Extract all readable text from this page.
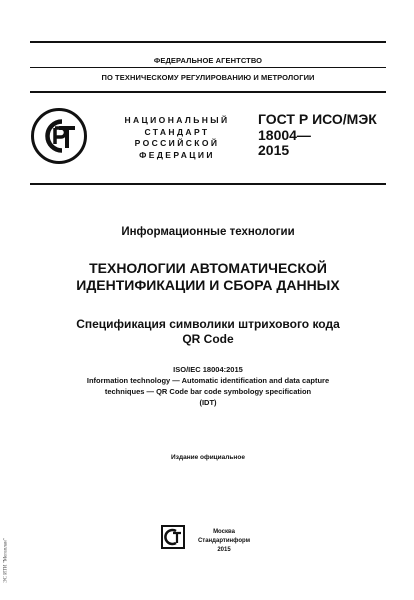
ЭС ИТИ "Мегаплан"
ФЕДЕРАЛЬНОЕ АГЕНТСТВО
ПО ТЕХНИЧЕСКОМУ РЕГУЛИРОВАНИЮ И МЕТРОЛОГИИ
НАЦИОНАЛЬНЫЙ
СТАНДАРТ
РОССИЙСКОЙ
ФЕДЕРАЦИИ
ГОСТ Р ИСО/МЭК
18004—
2015
Информационные технологии
ТЕХНОЛОГИИ АВТОМАТИЧЕСКОЙ
ИДЕНТИФИКАЦИИ И СБОРА ДАННЫХ
Спецификация символики штрихового кода
QR Code
ISO/IEC 18004:2015
Information technology — Automatic identification and data capture
techniques — QR Code bar code symbology specification
(IDT)
Издание официальное
Москва
Стандартинформ
2015
